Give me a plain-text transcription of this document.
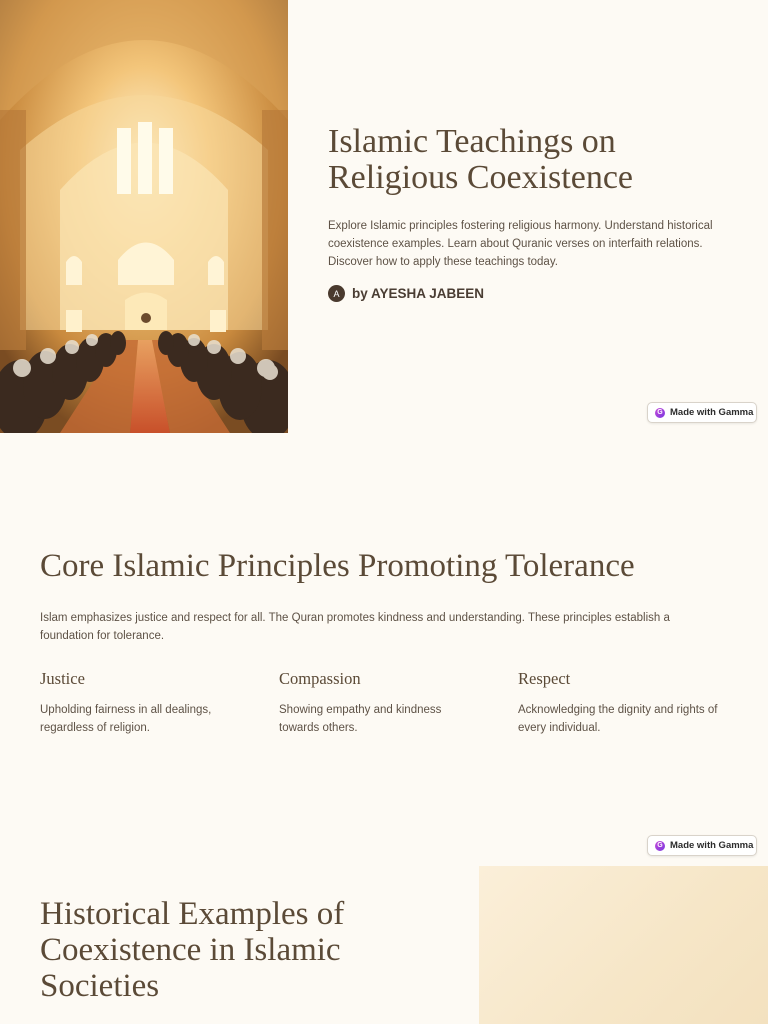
Islamic Teachings on Religious Coexistence

Explore Islamic principles fostering religious harmony. Understand historical coexistence examples. Learn about Quranic verses on interfaith relations. Discover how to apply these teachings today.

A by AYESHA JABEEN
G Made with Gamma
Core Islamic Principles Promoting Tolerance

Islam emphasizes justice and respect for all. The Quran promotes kindness and understanding. These principles establish a foundation for tolerance.

Justice

Upholding fairness in all dealings, regardless of religion.

Compassion

Showing empathy and kindness towards others.

Respect

Acknowledging the dignity and rights of every individual.

G Made with Gamma
Historical Examples of Coexistence in Islamic Societies
